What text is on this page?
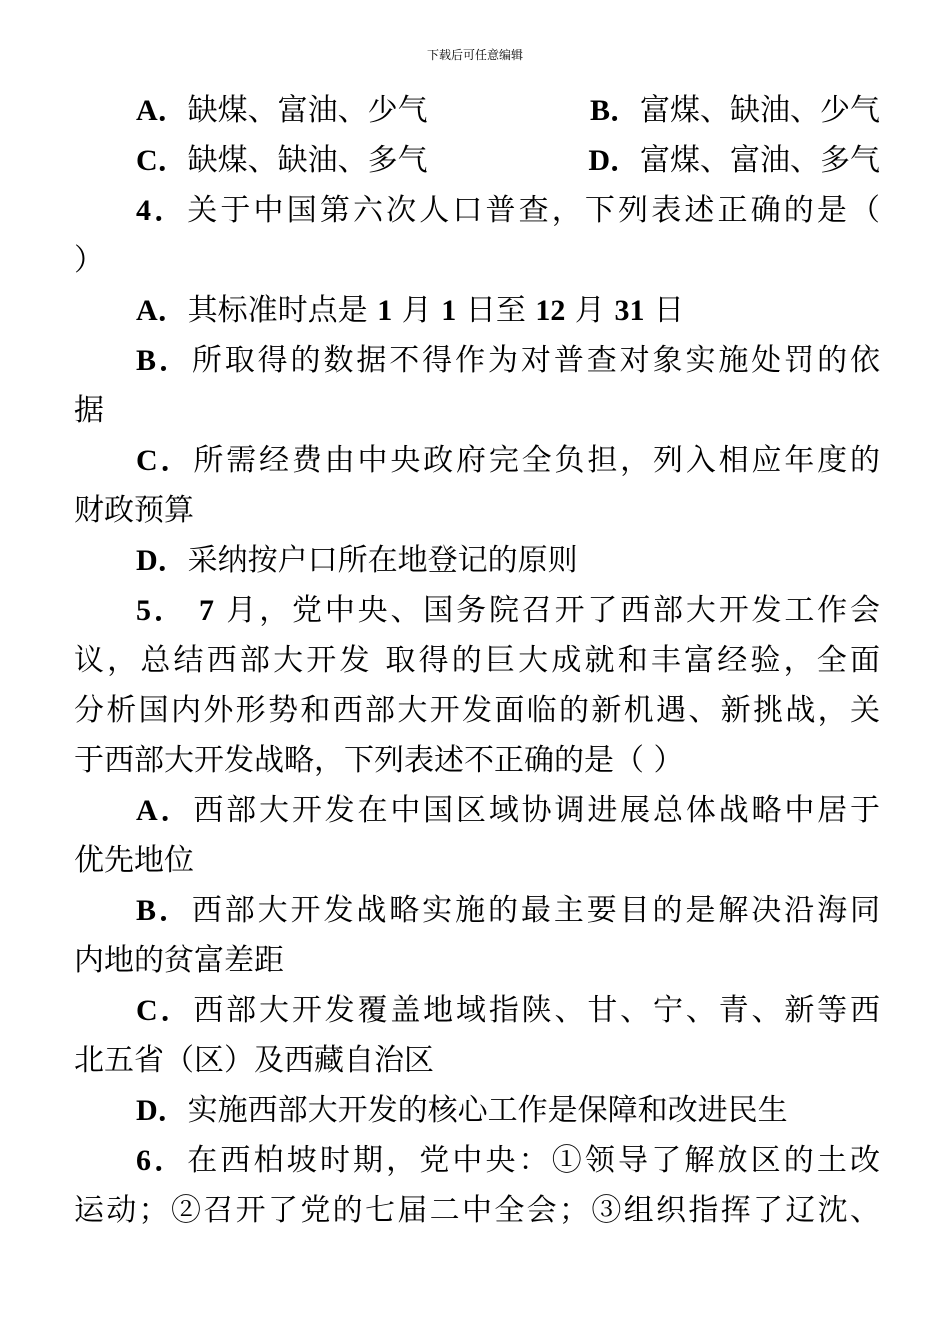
下载后可任意编辑
A．缺煤、富油、少气	B．富煤、缺油、少气
C．缺煤、缺油、多气	D．富煤、富油、多气
4．关于中国第六次人口普查，下列表述正确的是（
）
A．其标准时点是 1 月 1 日至 12 月 31 日
B．所取得的数据不得作为对普查对象实施处罚的依
据
C．所需经费由中央政府完全负担，列入相应年度的
财政预算
D．采纳按户口所在地登记的原则
5． 7 月，党中央、国务院召开了西部大开发工作会
议，总结西部大开发 取得的巨大成就和丰富经验，全面
分析国内外形势和西部大开发面临的新机遇、新挑战，关
于西部大开发战略，下列表述不正确的是（ ）
A．西部大开发在中国区域协调进展总体战略中居于
优先地位
B．西部大开发战略实施的最主要目的是解决沿海同
内地的贫富差距
C．西部大开发覆盖地域指陕、甘、宁、青、新等西
北五省（区）及西藏自治区
D．实施西部大开发的核心工作是保障和改进民生
6．在西柏坡时期，党中央：①领导了解放区的土改
运动；②召开了党的七届二中全会；③组织指挥了辽沈、
